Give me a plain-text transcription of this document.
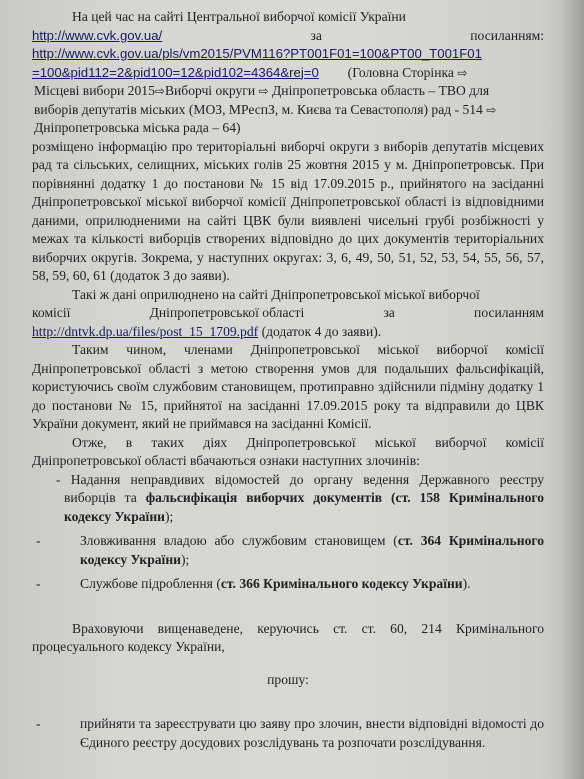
На цей час на сайті Центральної виборчої комісії України

http://www.cvk.gov.ua/	за	посиланням:

http://www.cvk.gov.ua/pls/vm2015/PVM116?PT001F01=100&PT00_T001F01

=100&pid112=2&pid100=12&pid102=4364&rej=0 (Головна Сторінка ⇨

Місцеві вибори 2015⇨Виборчі округи ⇨ Дніпропетровська область – ТВО для

виборів депутатів міських (МОЗ, МРеспЗ, м. Києва та Севастополя) рад - 514 ⇨

Дніпропетровська міська рада – 64)

розміщено інформацію про територіальні виборчі округи з виборів депутатів місцевих рад та сільських, селищних, міських голів 25 жовтня 2015 у м. Дніпропетровськ. При порівнянні додатку 1 до постанови № 15 від 17.09.2015 р., прийнятого на засіданні Дніпропетровської міської виборчої комісії Дніпропетровської області із відповідними даними, оприлюдненими на сайті ЦВК були виявлені чисельні грубі розбіжності у межах та кількості виборців створених відповідно до цих документів територіальних виборчих округів. Зокрема, у наступних округах: 3, 6, 49, 50, 51, 52, 53, 54, 55, 56, 57, 58, 59, 60, 61 (додаток 3 до заяви).

Такі ж дані оприлюднено на сайті Дніпропетровської міської виборчої

комісії	Дніпропетровської області	за	посиланням

http://dntvk.dp.ua/files/post_15_1709.pdf (додаток 4 до заяви).

Таким чином, членами Дніпропетровської міської виборчої комісії Дніпропетровської області з метою створення умов для подальших фальсифікацій, користуючись своїм службовим становищем, протиправно здійснили підміну додатку 1 до постанови № 15, прийнятої на засіданні 17.09.2015 року та відправили до ЦВК України документ, який не приймався на засіданні Комісії.

Отже, в таких діях Дніпропетровської міської виборчої комісії Дніпропетровської області вбачаються ознаки наступних злочинів:

- Надання неправдивих відомостей до органу ведення Державного реєстру виборців та фальсифікація виборчих документів (ст. 158 Кримінального кодексу України);

-	Зловживання владою або службовим становищем (ст. 364 Кримінального кодексу України);

-	Службове підроблення (ст. 366 Кримінального кодексу України).

Враховуючи вищенаведене, керуючись ст. ст. 60, 214 Кримінального процесуального кодексу України,

прошу:

-	прийняти та зареєструвати цю заяву про злочин, внести відповідні відомості до Єдиного реєстру досудових розслідувань та розпочати розслідування.
